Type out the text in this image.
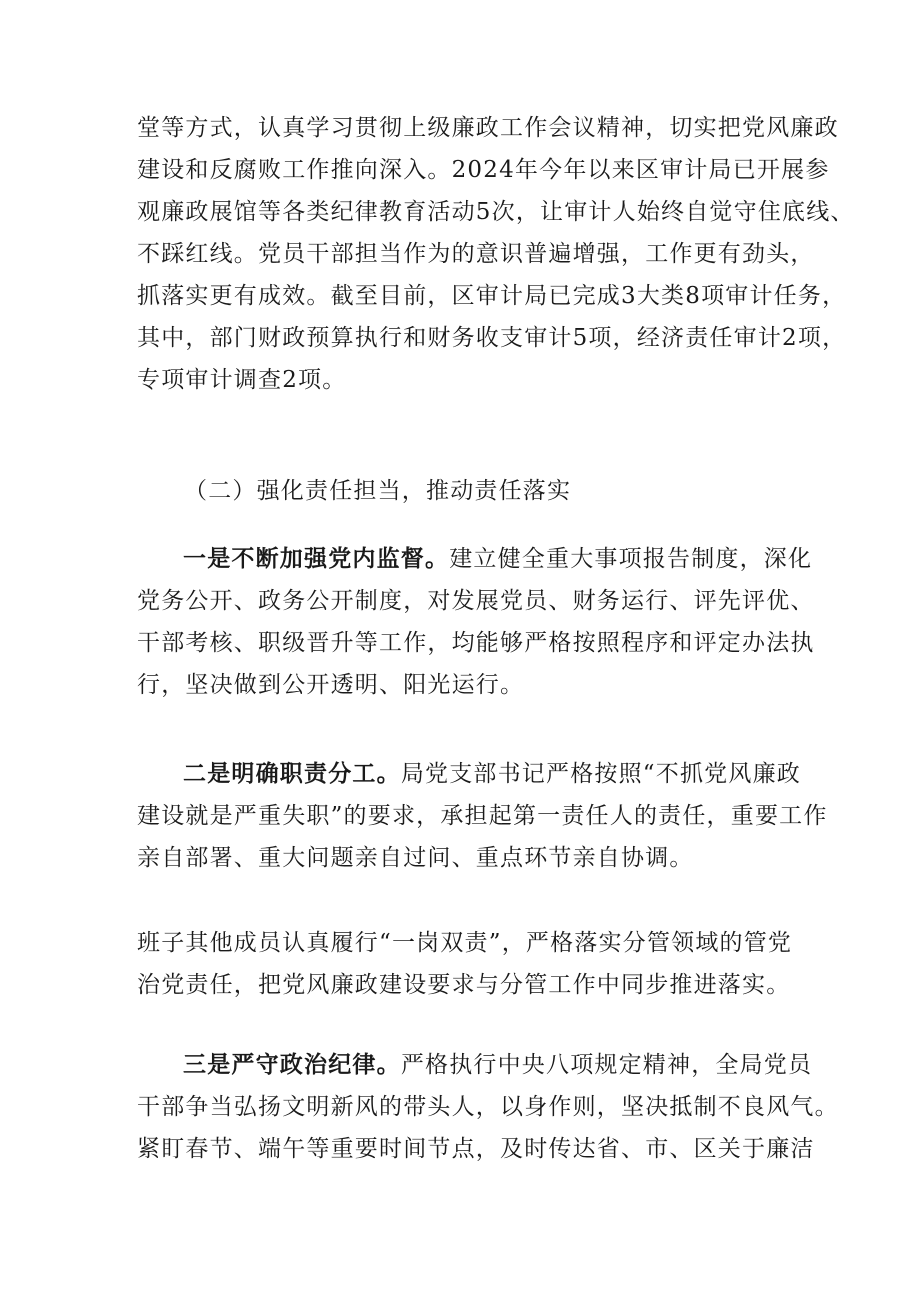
堂等方式，认真学习贯彻上级廉政工作会议精神，切实把党风廉政
建设和反腐败工作推向深入。2024年今年以来区审计局已开展参
观廉政展馆等各类纪律教育活动5次，让审计人始终自觉守住底线、
不踩红线。党员干部担当作为的意识普遍增强，工作更有劲头，
抓落实更有成效。截至目前，区审计局已完成3大类8项审计任务，
其中，部门财政预算执行和财务收支审计5项，经济责任审计2项，
专项审计调查2项。
（二）强化责任担当，推动责任落实
一是不断加强党内监督。建立健全重大事项报告制度，深化
党务公开、政务公开制度，对发展党员、财务运行、评先评优、
干部考核、职级晋升等工作，均能够严格按照程序和评定办法执
行，坚决做到公开透明、阳光运行。
二是明确职责分工。局党支部书记严格按照“不抓党风廉政
建设就是严重失职”的要求，承担起第一责任人的责任，重要工作
亲自部署、重大问题亲自过问、重点环节亲自协调。
班子其他成员认真履行“一岗双责”，严格落实分管领域的管党
治党责任，把党风廉政建设要求与分管工作中同步推进落实。
三是严守政治纪律。严格执行中央八项规定精神，全局党员
干部争当弘扬文明新风的带头人，以身作则，坚决抵制不良风气。
紧盯春节、端午等重要时间节点，及时传达省、市、区关于廉洁
